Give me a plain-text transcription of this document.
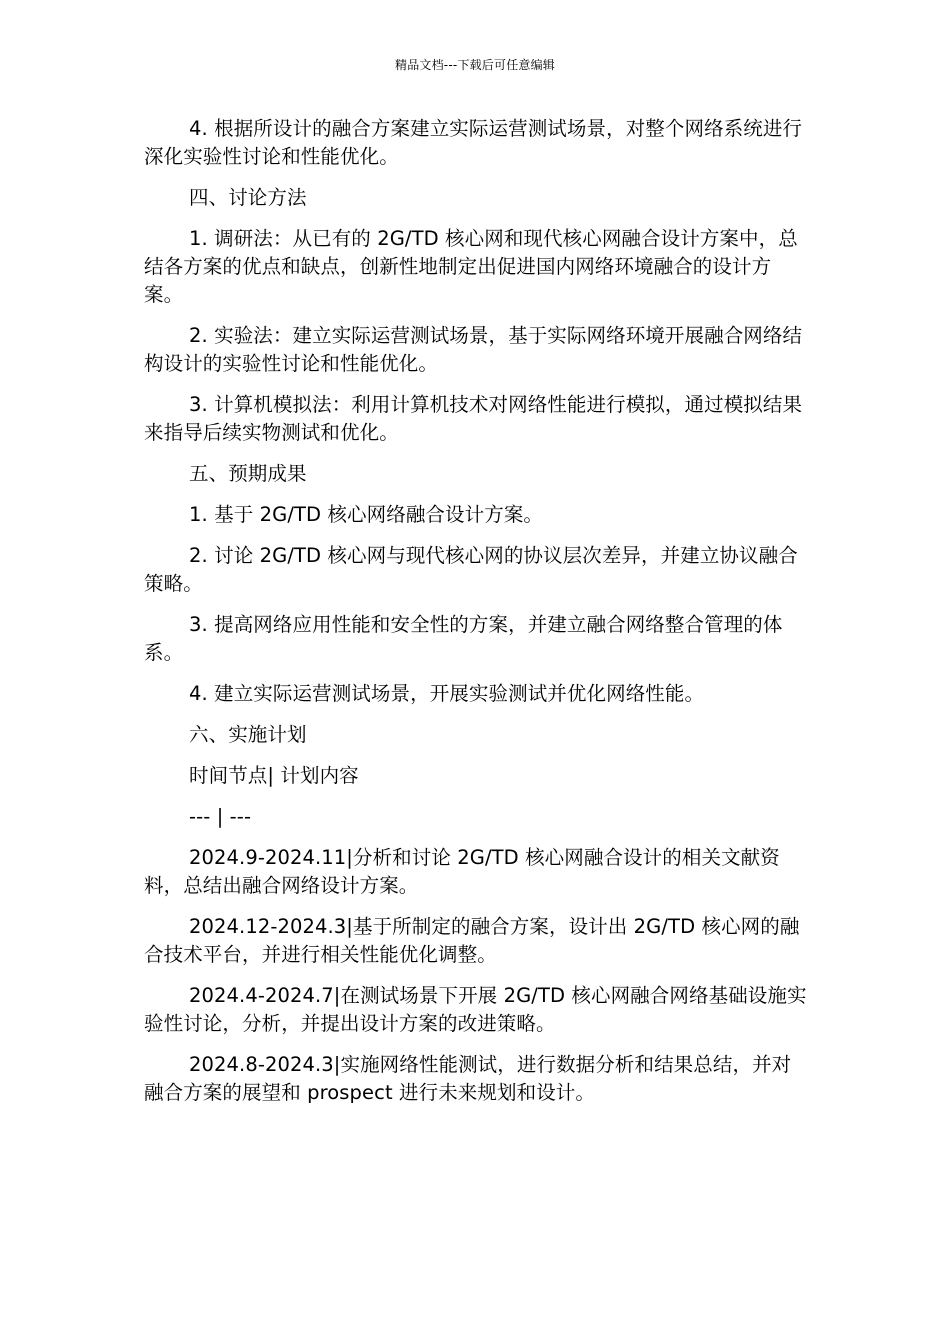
精品文档---下载后可任意编辑

4. 根据所设计的融合方案建立实际运营测试场景，对整个网络系统进行深化实验性讨论和性能优化。

四、讨论方法

1. 调研法：从已有的 2G/TD 核心网和现代核心网融合设计方案中，总结各方案的优点和缺点，创新性地制定出促进国内网络环境融合的设计方案。

2. 实验法：建立实际运营测试场景，基于实际网络环境开展融合网络结构设计的实验性讨论和性能优化。

3. 计算机模拟法：利用计算机技术对网络性能进行模拟，通过模拟结果来指导后续实物测试和优化。

五、预期成果

1. 基于 2G/TD 核心网络融合设计方案。

2. 讨论 2G/TD 核心网与现代核心网的协议层次差异，并建立协议融合策略。

3. 提高网络应用性能和安全性的方案，并建立融合网络整合管理的体系。

4. 建立实际运营测试场景，开展实验测试并优化网络性能。

六、实施计划

时间节点| 计划内容

--- | ---

2024.9-2024.11|分析和讨论 2G/TD 核心网融合设计的相关文献资料，总结出融合网络设计方案。

2024.12-2024.3|基于所制定的融合方案，设计出 2G/TD 核心网的融合技术平台，并进行相关性能优化调整。

2024.4-2024.7|在测试场景下开展 2G/TD 核心网融合网络基础设施实验性讨论，分析，并提出设计方案的改进策略。

2024.8-2024.3|实施网络性能测试，进行数据分析和结果总结，并对融合方案的展望和 prospect 进行未来规划和设计。
